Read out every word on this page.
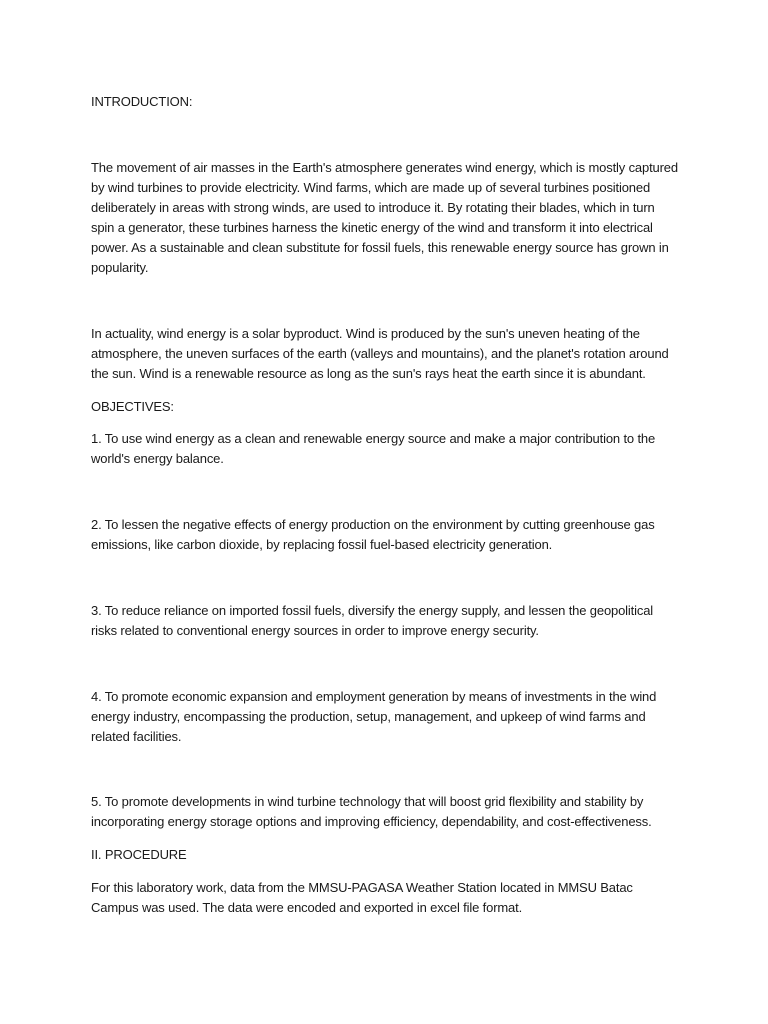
INTRODUCTION:

The movement of air masses in the Earth's atmosphere generates wind energy, which is mostly captured
by wind turbines to provide electricity. Wind farms, which are made up of several turbines positioned
deliberately in areas with strong winds, are used to introduce it. By rotating their blades, which in turn
spin a generator, these turbines harness the kinetic energy of the wind and transform it into electrical
power. As a sustainable and clean substitute for fossil fuels, this renewable energy source has grown in
popularity.

In actuality, wind energy is a solar byproduct. Wind is produced by the sun's uneven heating of the
atmosphere, the uneven surfaces of the earth (valleys and mountains), and the planet's rotation around
the sun. Wind is a renewable resource as long as the sun's rays heat the earth since it is abundant.

OBJECTIVES:

1. To use wind energy as a clean and renewable energy source and make a major contribution to the
world's energy balance.

2. To lessen the negative effects of energy production on the environment by cutting greenhouse gas
emissions, like carbon dioxide, by replacing fossil fuel-based electricity generation.

3. To reduce reliance on imported fossil fuels, diversify the energy supply, and lessen the geopolitical
risks related to conventional energy sources in order to improve energy security.

4. To promote economic expansion and employment generation by means of investments in the wind
energy industry, encompassing the production, setup, management, and upkeep of wind farms and
related facilities.

5. To promote developments in wind turbine technology that will boost grid flexibility and stability by
incorporating energy storage options and improving efficiency, dependability, and cost-effectiveness.

II. PROCEDURE

For this laboratory work, data from the MMSU-PAGASA Weather Station located in MMSU Batac
Campus was used. The data were encoded and exported in excel file format.
